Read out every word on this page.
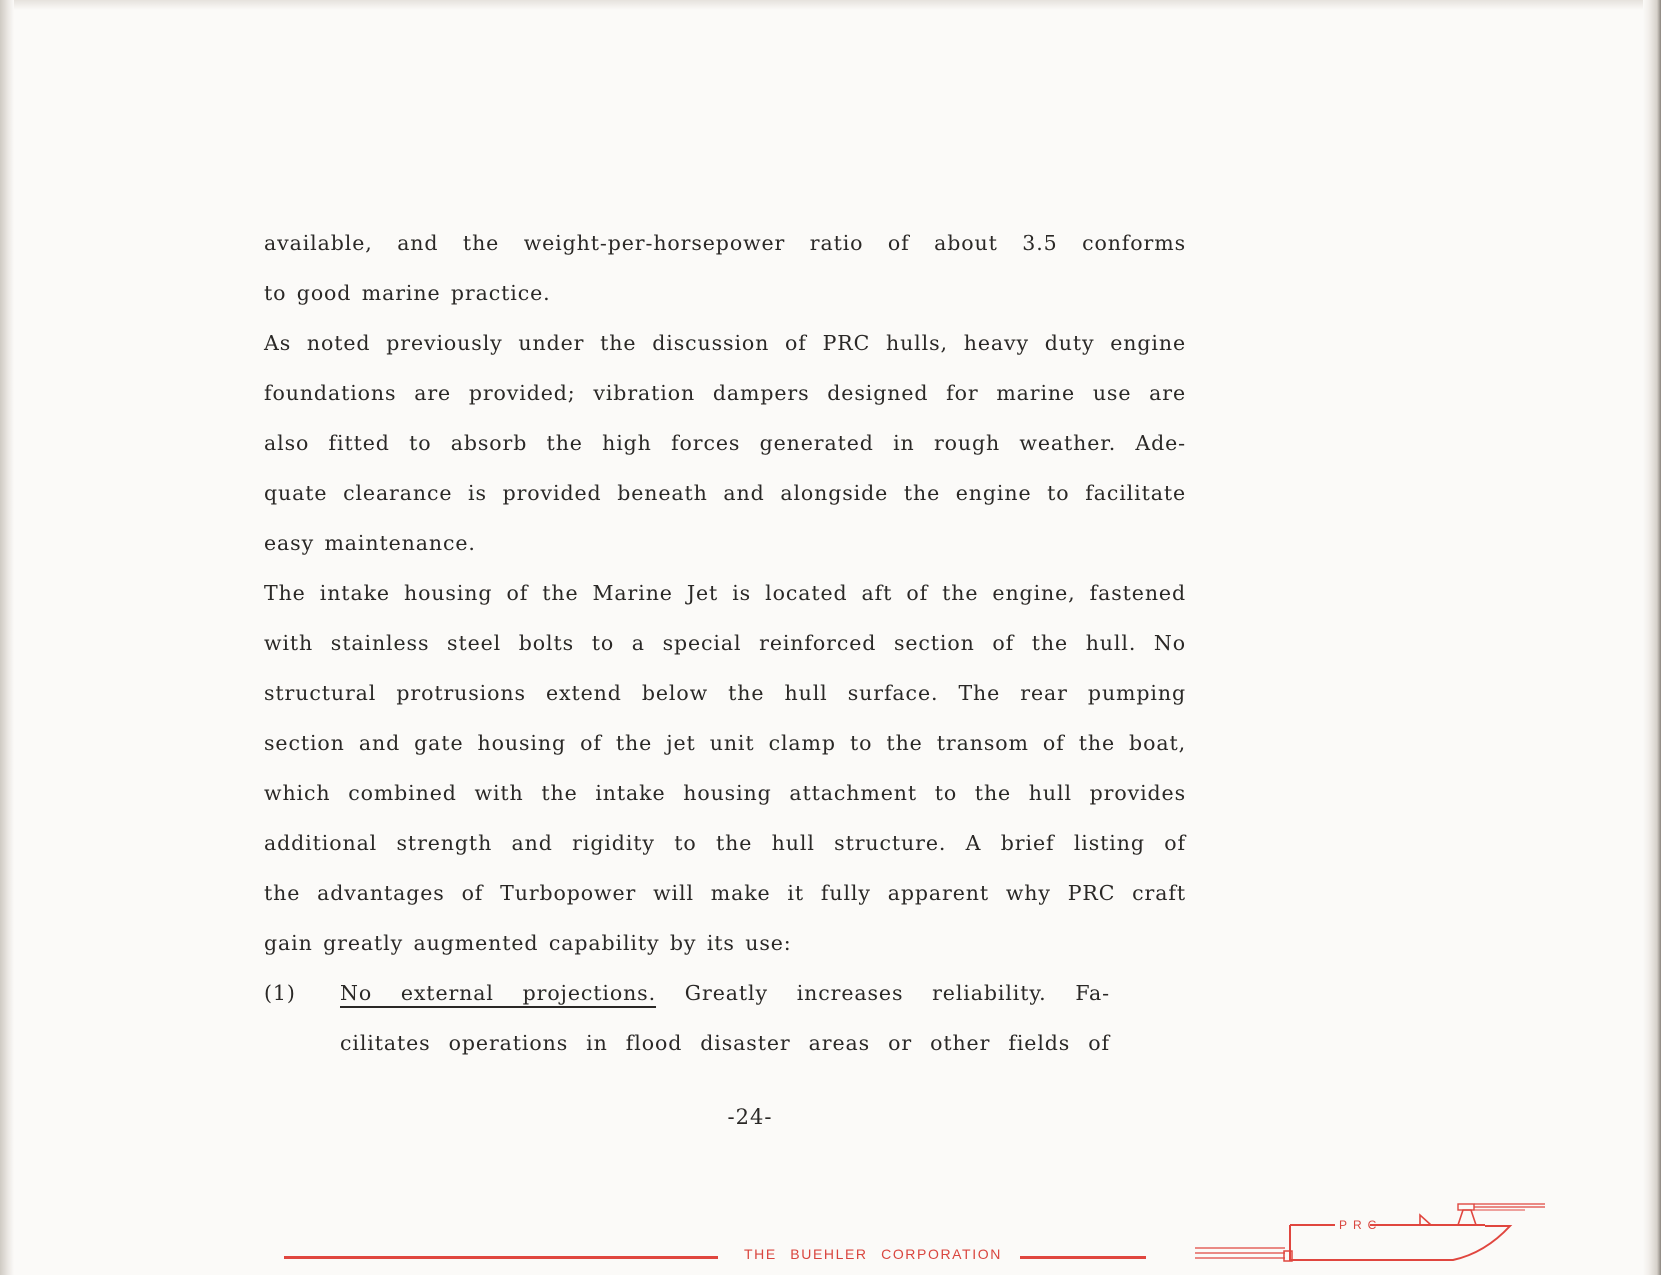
available, and the weight-per-horsepower ratio of about 3.5 conforms
to good marine practice.
As noted previously under the discussion of PRC hulls, heavy duty engine
foundations are provided; vibration dampers designed for marine use are
also fitted to absorb the high forces generated in rough weather. Ade-
quate clearance is provided beneath and alongside the engine to facilitate
easy maintenance.
The intake housing of the Marine Jet is located aft of the engine, fastened
with stainless steel bolts to a special reinforced section of the hull. No
structural protrusions extend below the hull surface. The rear pumping
section and gate housing of the jet unit clamp to the transom of the boat,
which combined with the intake housing attachment to the hull provides
additional strength and rigidity to the hull structure. A brief listing of
the advantages of Turbopower will make it fully apparent why PRC craft
gain greatly augmented capability by its use:
(1) No external projections. Greatly increases reliability. Fa-
cilitates operations in flood disaster areas or other fields of
-24-
THE BUEHLER CORPORATION
PRC
